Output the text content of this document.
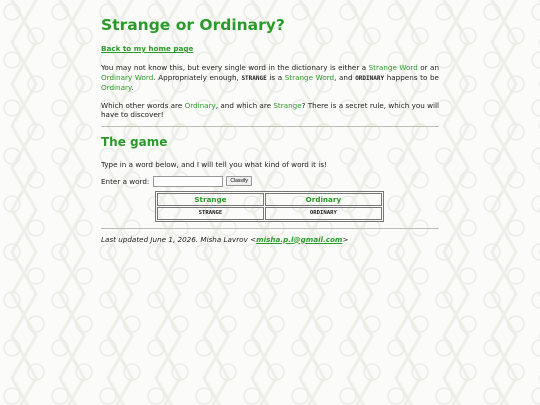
Strange or Ordinary?
Back to my home page

You may not know this, but every single word in the dictionary is either a Strange Word or an Ordinary Word. Appropriately enough, STRANGE is a Strange Word, and ORDINARY happens to be Ordinary.

Which other words are Ordinary, and which are Strange? There is a secret rule, which you will have to discover!

The game

Type in a word below, and I will tell you what kind of word it is!

Enter a word:	Classify
Strange	Ordinary
STRANGE	ORDINARY
Last updated June 1, 2026. Misha Lavrov <misha.p.l@gmail.com>
